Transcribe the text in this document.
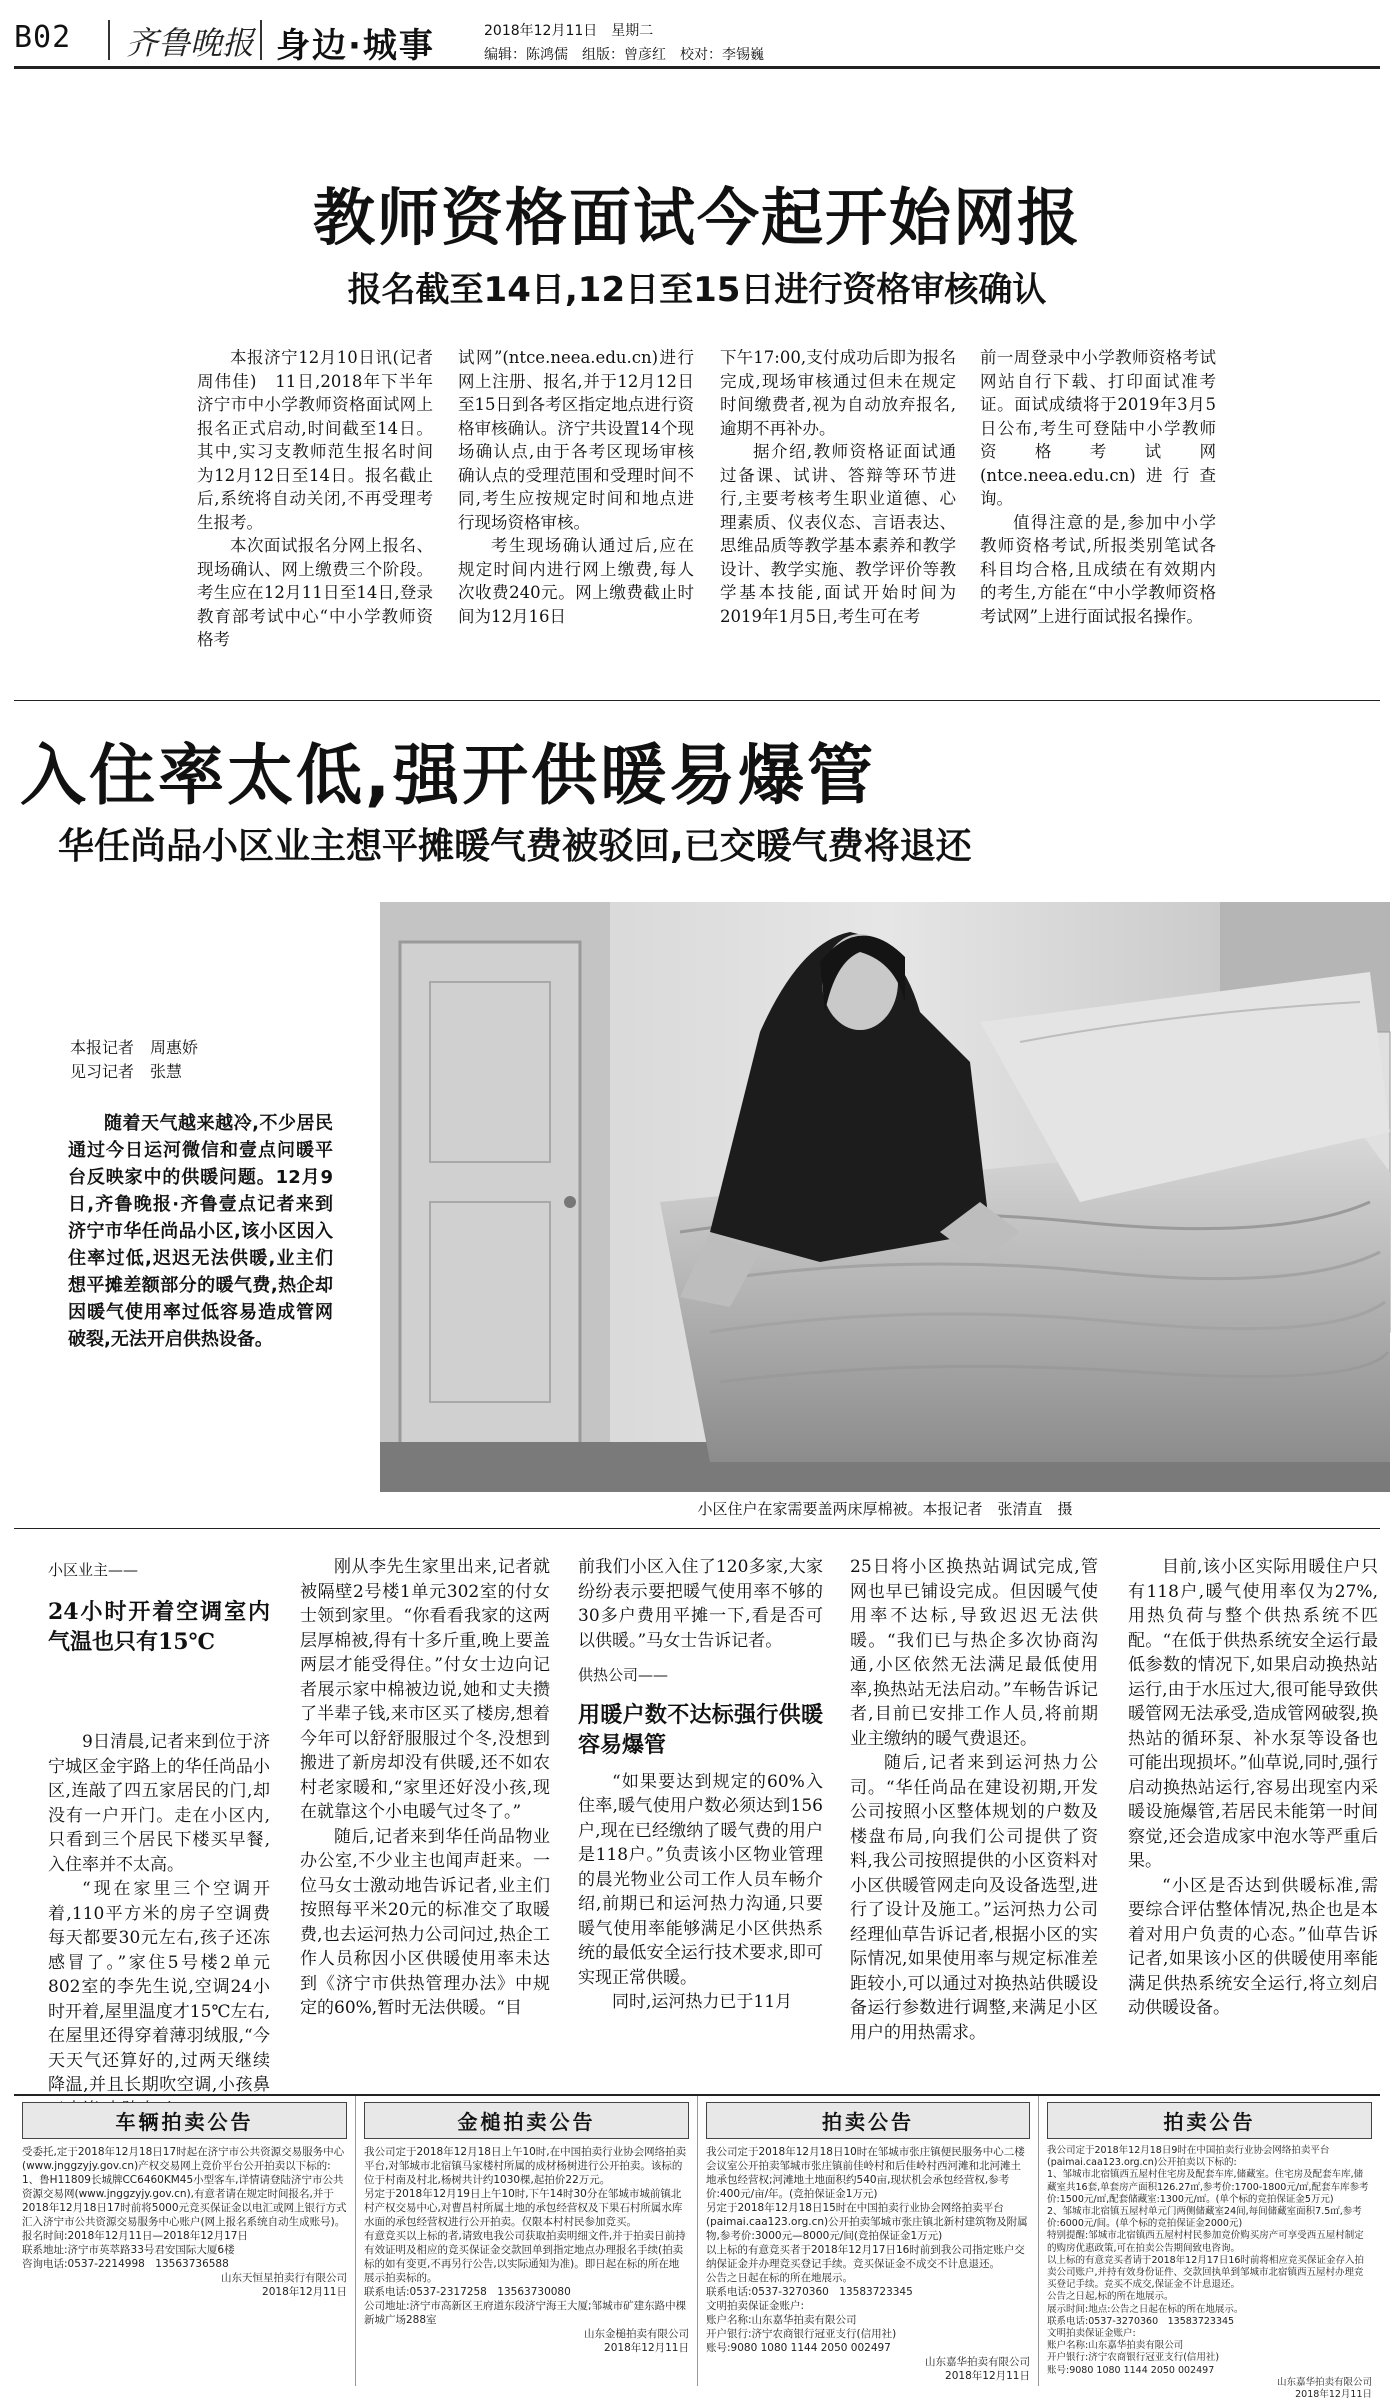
B02 齐鲁晚报 身边·城事	2018年12月11日　星期二
编辑：陈鸿儒　组版：曾彦红　校对：李锡巍
教师资格面试今起开始网报
报名截至14日,12日至15日进行资格审核确认

本报济宁12月10日讯(记者　周伟佳)　11日,2018年下半年济宁市中小学教师资格面试网上报名正式启动,时间截至14日。其中,实习支教师范生报名时间为12月12日至14日。报名截止后,系统将自动关闭,不再受理考生报考。

本次面试报名分网上报名、现场确认、网上缴费三个阶段。考生应在12月11日至14日,登录教育部考试中心“中小学教师资格考

试网”(ntce.neea.edu.cn)进行网上注册、报名,并于12月12日至15日到各考区指定地点进行资格审核确认。济宁共设置14个现场确认点,由于各考区现场审核确认点的受理范围和受理时间不同,考生应按规定时间和地点进行现场资格审核。

考生现场确认通过后,应在规定时间内进行网上缴费,每人次收费240元。网上缴费截止时间为12月16日

下午17:00,支付成功后即为报名完成,现场审核通过但未在规定时间缴费者,视为自动放弃报名,逾期不再补办。

据介绍,教师资格证面试通过备课、试讲、答辩等环节进行,主要考核考生职业道德、心理素质、仪表仪态、言语表达、思维品质等教学基本素养和教学设计、教学实施、教学评价等教学基本技能,面试开始时间为2019年1月5日,考生可在考

前一周登录中小学教师资格考试网站自行下载、打印面试准考证。面试成绩将于2019年3月5日公布,考生可登陆中小学教师资格考试网(ntce.neea.edu.cn)进行查询。

值得注意的是,参加中小学教师资格考试,所报类别笔试各科目均合格,且成绩在有效期内的考生,方能在“中小学教师资格考试网”上进行面试报名操作。

入住率太低,强开供暖易爆管
华任尚品小区业主想平摊暖气费被驳回,已交暖气费将退还
本报记者　周惠娇
见习记者　张慧

随着天气越来越冷,不少居民通过今日运河微信和壹点问暖平台反映家中的供暖问题。12月9日,齐鲁晚报·齐鲁壹点记者来到济宁市华任尚品小区,该小区因入住率过低,迟迟无法供暖,业主们想平摊差额部分的暖气费,热企却因暖气使用率过低容易造成管网破裂,无法开启供热设备。

小区住户在家需要盖两床厚棉被。本报记者　张清直　摄
小区业主——
24小时开着空调室内气温也只有15℃

9日清晨,记者来到位于济宁城区金宇路上的华任尚品小区,连敲了四五家居民的门,却没有一户开门。走在小区内,只看到三个居民下楼买早餐,入住率并不太高。

“现在家里三个空调开着,110平方米的房子空调费每天都要30元左右,孩子还冻感冒了。”家住5号楼2单元802室的李先生说,空调24小时开着,屋里温度才15℃左右,在屋里还得穿着薄羽绒服,“今天天气还算好的,过两天继续降温,并且长期吹空调,小孩鼻

刚从李先生家里出来,记者就被隔壁2号楼1单元302室的付女士领到家里。“你看看我家的这两层厚棉被,得有十多斤重,晚上要盖两层才能受得住。”付女士边向记者展示家中棉被边说,她和丈夫攒了半辈子钱,来市区买了楼房,想着今年可以舒舒服服过个冬,没想到搬进了新房却没有供暖,还不如农村老家暖和,“家里还好没小孩,现在就靠这个小电暖气过冬了。”

随后,记者来到华任尚品物业办公室,不少业主也闻声赶来。一位马女士激动地告诉记者,业主们按照每平米20元的标准交了取暖费,也去运河热力公司问过,热企工作人员称因小区供暖使用率未达到《济宁市供热管理办法》中规定的60%,暂时无法供暖。“目

前我们小区入住了120多家,大家纷纷表示要把暖气使用率不够的30多户费用平摊一下,看是否可以供暖。”马女士告诉记者。

供热公司——
用暖户数不达标强行供暖容易爆管

“如果要达到规定的60%入住率,暖气使用户数必须达到156户,现在已经缴纳了暖气费的用户是118户。”负责该小区物业管理的晨光物业公司工作人员车畅介绍,前期已和运河热力沟通,只要暖气使用率能够满足小区供热系统的最低安全运行技术要求,即可实现正常供暖。

同时,运河热力已于11月

25日将小区换热站调试完成,管网也早已铺设完成。但因暖气使用率不达标,导致迟迟无法供暖。“我们已与热企多次协商沟通,小区依然无法满足最低使用率,换热站无法启动。”车畅告诉记者,目前已安排工作人员,将前期业主缴纳的暖气费退还。

随后,记者来到运河热力公司。“华任尚品在建设初期,开发公司按照小区整体规划的户数及楼盘布局,向我们公司提供了资料,我公司按照提供的小区资料对小区供暖管网走向及设备选型,进行了设计及施工。”运河热力公司经理仙草告诉记者,根据小区的实际情况,如果使用率与规定标准差距较小,可以通过对换热站供暖设备运行参数进行调整,来满足小区用户的用热需求。

目前,该小区实际用暖住户只有118户,暖气使用率仅为27%,用热负荷与整个供热系统不匹配。“在低于供热系统安全运行最低参数的情况下,如果启动换热站运行,由于水压过大,很可能导致供暖管网无法承受,造成管网破裂,换热站的循环泵、补水泵等设备也可能出现损坏。”仙草说,同时,强行启动换热站运行,容易出现室内采暖设施爆管,若居民未能第一时间察觉,还会造成家中泡水等严重后果。

“小区是否达到供暖标准,需要综合评估整体情况,热企也是本着对用户负责的心态。”仙草告诉记者,如果该小区的供暖使用率能满足供热系统安全运行,将立刻启动供暖设备。

车辆拍卖公告

受委托,定于2018年12月18日17时起在济宁市公共资源交易服务中心(www.jnggzyjy.gov.cn)产权交易网上竞价平台公开拍卖以下标的:

1、鲁H11809长城牌CC6460KM45小型客车,详情请登陆济宁市公共资源交易网(www.jnggzyjy.gov.cn),有意者请在规定时间报名,并于2018年12月18日17时前将5000元竞买保证金以电汇或网上银行方式汇入济宁市公共资源交易服务中心账户(网上报名系统自动生成账号)。

报名时间:2018年12月11日—2018年12月17日

联系地址:济宁市英萃路33号君安国际大厦6楼

咨询电话:0537-2214998　13563736588

山东天恒星拍卖行有限公司

2018年12月11日

金槌拍卖公告

我公司定于2018年12月18日上午10时,在中国拍卖行业协会网络拍卖平台,对邹城市北宿镇马家楼村所属的成材杨树进行公开拍卖。该标的位于村南及村北,杨树共计约1030棵,起拍价22万元。

另定于2018年12月19日上午10时,下午14时30分在邹城市城前镇北村产权交易中心,对曹昌村所属土地的承包经营权及下果石村所属水库水面的承包经营权进行公开拍卖。仅限本村村民参加竞买。

有意竞买以上标的者,请致电我公司获取拍卖明细文件,并于拍卖日前持有效证明及相应的竞买保证金交款回单到指定地点办理报名手续(拍卖标的如有变更,不再另行公告,以实际通知为准)。即日起在标的所在地展示拍卖标的。

联系电话:0537-2317258　13563730080

公司地址:济宁市高新区王府道东段济宁海王大厦;邹城市矿建东路中棵新城广场288室

山东金槌拍卖有限公司

2018年12月11日

拍卖公告

我公司定于2018年12月18日10时在邹城市张庄镇便民服务中心二楼会议室公开拍卖邹城市张庄镇前佳岭村和后佳岭村西河滩和北河滩土地承包经营权;河滩地土地面积约540亩,现状机会承包经营权,参考价:400元/亩/年。(竞拍保证金1万元)

另定于2018年12月18日15时在中国拍卖行业协会网络拍卖平台(paimai.caa123.org.cn)公开拍卖邹城市张庄镇北新村建筑物及附属物,参考价:3000元—8000元/间(竞拍保证金1万元)

以上标的有意竞买者于2018年12月17日16时前到我公司指定账户交纳保证金并办理竞买登记手续。竞买保证金不成交不计息退还。

公告之日起在标的所在地展示。

联系电话:0537-3270360　13583723345

文明拍卖保证金账户:

账户名称:山东嘉华拍卖有限公司

开户银行:济宁农商银行冠亚支行(信用社)

账号:9080 1080 1144 2050 002497

山东嘉华拍卖有限公司

2018年12月11日

拍卖公告

我公司定于2018年12月18日9时在中国拍卖行业协会网络拍卖平台(paimai.caa123.org.cn)公开拍卖以下标的:

1、邹城市北宿镇西五屋村住宅房及配套车库,储藏室。住宅房及配套车库,储藏室共16套,单套房产面积126.27㎡,参考价:1700-1800元/㎡,配套车库参考价:1500元/㎡,配套储藏室:1300元/㎡。(单个标的竞拍保证金5万元)

2、邹城市北宿镇五屋村单元门两侧储藏室24间,每间储藏室面积7.5㎡,参考价:6000元/间。(单个标的竞拍保证金2000元)

特别提醒:邹城市北宿镇西五屋村村民参加竞价购买房产可享受西五屋村制定的购房优惠政策,可在拍卖公告期间致电咨询。

以上标的有意竞买者请于2018年12月17日16时前将相应竞买保证金存入拍卖公司账户,并持有效身份证件、交款回执单到邹城市北宿镇西五屋村办理竞买登记手续。竞买不成交,保证金不计息退还。

公告之日起,标的所在地展示。

展示时间:地点:公告之日起在标的所在地展示。

联系电话:0537-3270360　13583723345

文明拍卖保证金账户:

账户名称:山东嘉华拍卖有限公司

开户银行:济宁农商银行冠亚支行(信用社)

账号:9080 1080 1144 2050 002497

山东嘉华拍卖有限公司

2018年12月11日
